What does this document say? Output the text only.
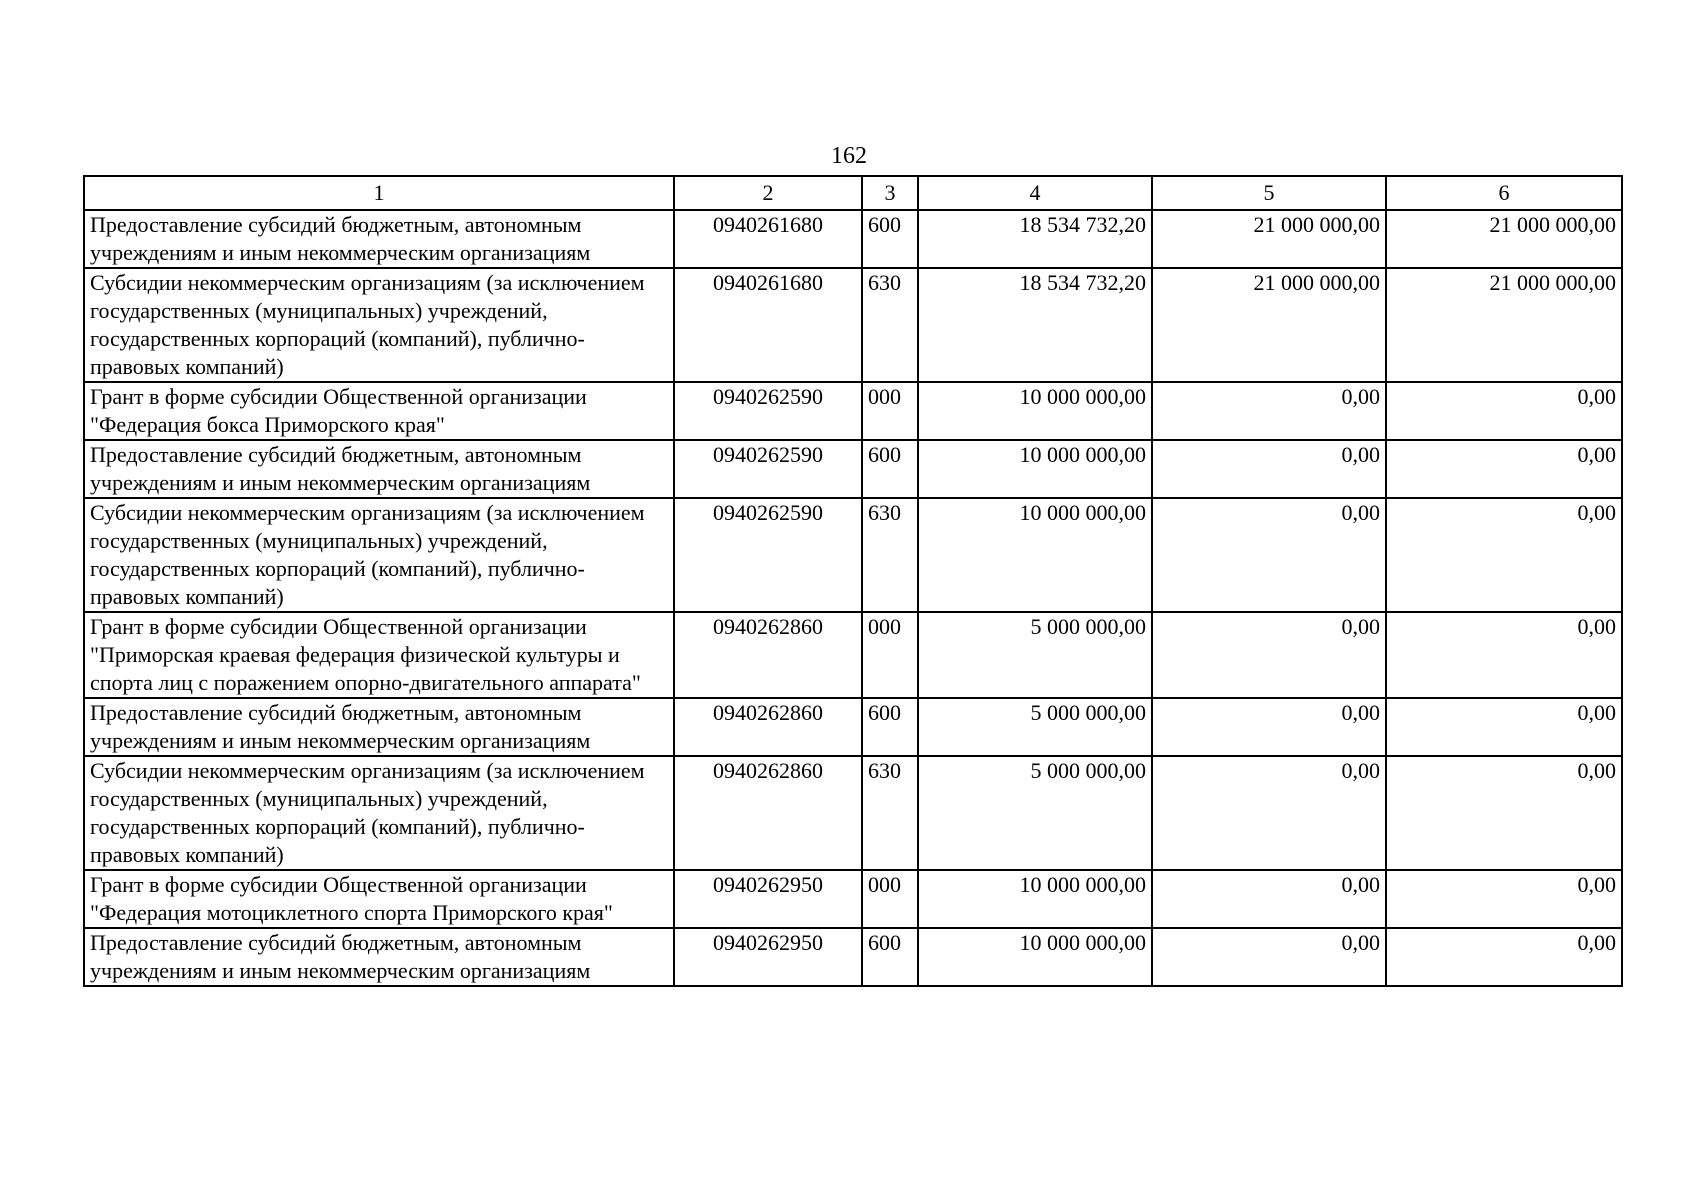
162
1	2	3	4	5	6
Предоставление субсидий бюджетным, автономным учреждениям и иным некоммерческим организациям	0940261680	600	18 534 732,20	21 000 000,00	21 000 000,00
Субсидии некоммерческим организациям (за исключением государственных (муниципальных) учреждений, государственных корпораций (компаний), публично-правовых компаний)	0940261680	630	18 534 732,20	21 000 000,00	21 000 000,00
Грант в форме субсидии Общественной организации "Федерация бокса Приморского края"	0940262590	000	10 000 000,00	0,00	0,00
Предоставление субсидий бюджетным, автономным учреждениям и иным некоммерческим организациям	0940262590	600	10 000 000,00	0,00	0,00
Субсидии некоммерческим организациям (за исключением государственных (муниципальных) учреждений, государственных корпораций (компаний), публично-правовых компаний)	0940262590	630	10 000 000,00	0,00	0,00
Грант в форме субсидии Общественной организации "Приморская краевая федерация физической культуры и спорта лиц с поражением опорно-двигательного аппарата"	0940262860	000	5 000 000,00	0,00	0,00
Предоставление субсидий бюджетным, автономным учреждениям и иным некоммерческим организациям	0940262860	600	5 000 000,00	0,00	0,00
Субсидии некоммерческим организациям (за исключением государственных (муниципальных) учреждений, государственных корпораций (компаний), публично-правовых компаний)	0940262860	630	5 000 000,00	0,00	0,00
Грант в форме субсидии Общественной организации "Федерация мотоциклетного спорта Приморского края"	0940262950	000	10 000 000,00	0,00	0,00
Предоставление субсидий бюджетным, автономным учреждениям и иным некоммерческим организациям	0940262950	600	10 000 000,00	0,00	0,00
